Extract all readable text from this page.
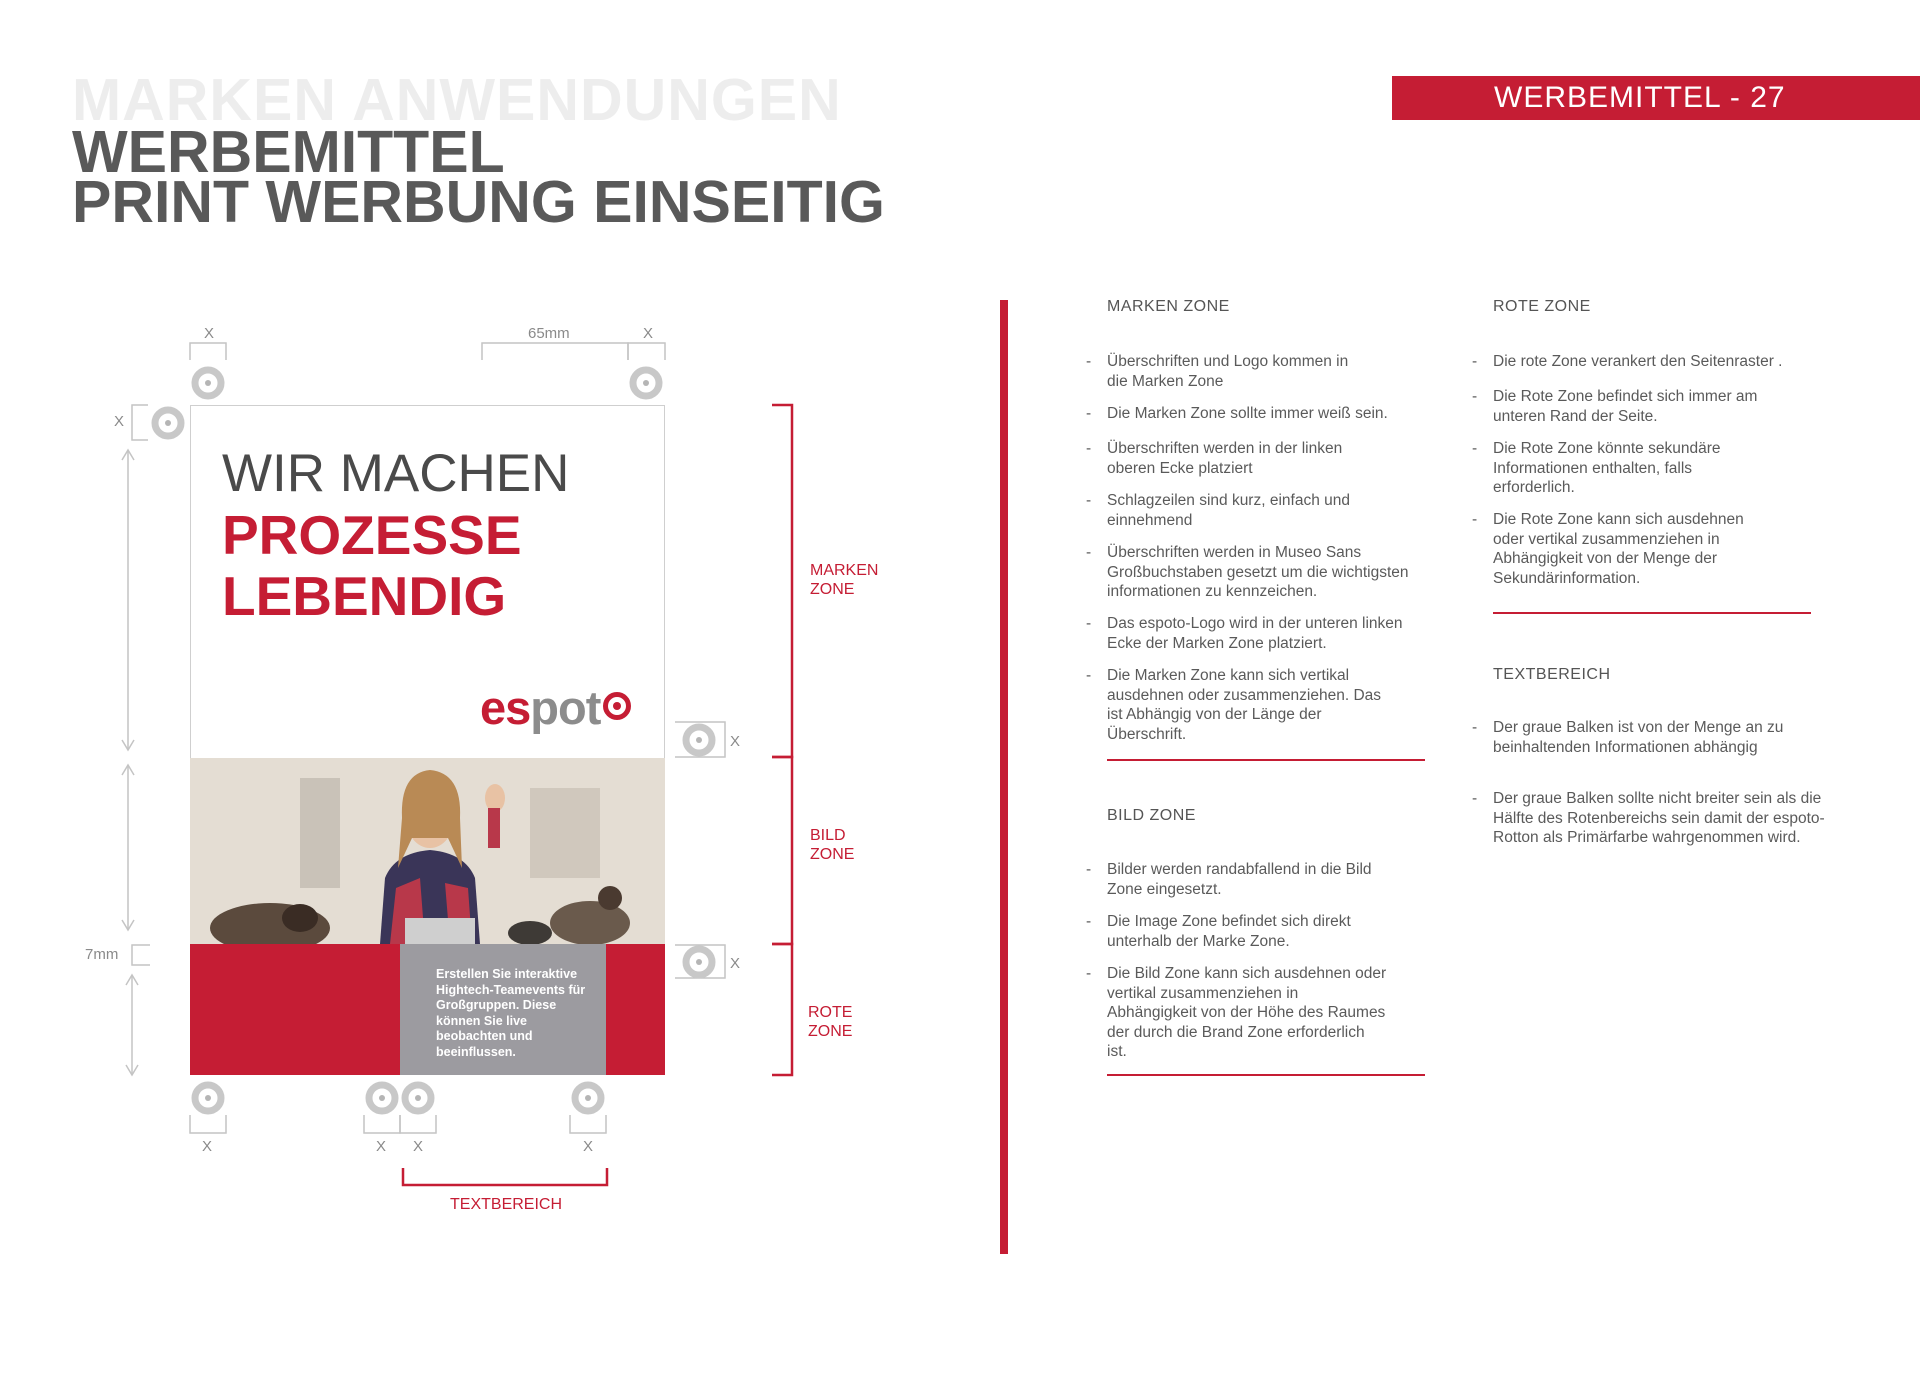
MARKEN ANWENDUNGEN
WERBEMITTEL
PRINT WERBUNG EINSEITIG
WERBEMITTEL - 27
WIR MACHEN
PROZESSE
LEBENDIG
espot
Erstellen Sie interaktive Hightech-Teamevents für Großgruppen. Diese können Sie live beobachten und beeinflussen.
X	65mm	X
X
X
X
7mm
X	X X	X
MARKEN
ZONE
BILD
ZONE
ROTE
ZONE
TEXTBEREICH
MARKEN ZONE
- Überschriften und Logo kommen in die Marken Zone
- Die Marken Zone sollte immer weiß sein.
- Überschriften werden in der linken oberen Ecke platziert
- Schlagzeilen sind kurz, einfach und einnehmend
- Überschriften werden in Museo Sans Großbuchstaben gesetzt um die wichtigsten informationen zu kennzeichen.
- Das espoto-Logo wird in der unteren linken Ecke der Marken Zone platziert.
- Die Marken Zone kann sich vertikal ausdehnen oder zusammenziehen. Das ist Abhängig von der Länge der Überschrift.
BILD ZONE
- Bilder werden randabfallend in die Bild Zone eingesetzt.
- Die Image Zone befindet sich direkt unterhalb der Marke Zone.
- Die Bild Zone kann sich ausdehnen oder vertikal zusammenziehen in Abhängigkeit von der Höhe des Raumes der durch die Brand Zone erforderlich ist.
ROTE ZONE
- Die rote Zone verankert den Seitenraster .
- Die Rote Zone befindet sich immer am unteren Rand der Seite.
- Die Rote Zone könnte sekundäre Informationen enthalten, falls erforderlich.
- Die Rote Zone kann sich ausdehnen oder vertikal zusammenziehen in Abhängigkeit von der Menge der Sekundärinformation.
TEXTBEREICH
- Der graue Balken ist von der Menge an zu beinhaltenden Informationen abhängig
- Der graue Balken sollte nicht breiter sein als die Hälfte des Rotenbereichs sein damit der espoto-Rotton als Primärfarbe wahrgenommen wird.
